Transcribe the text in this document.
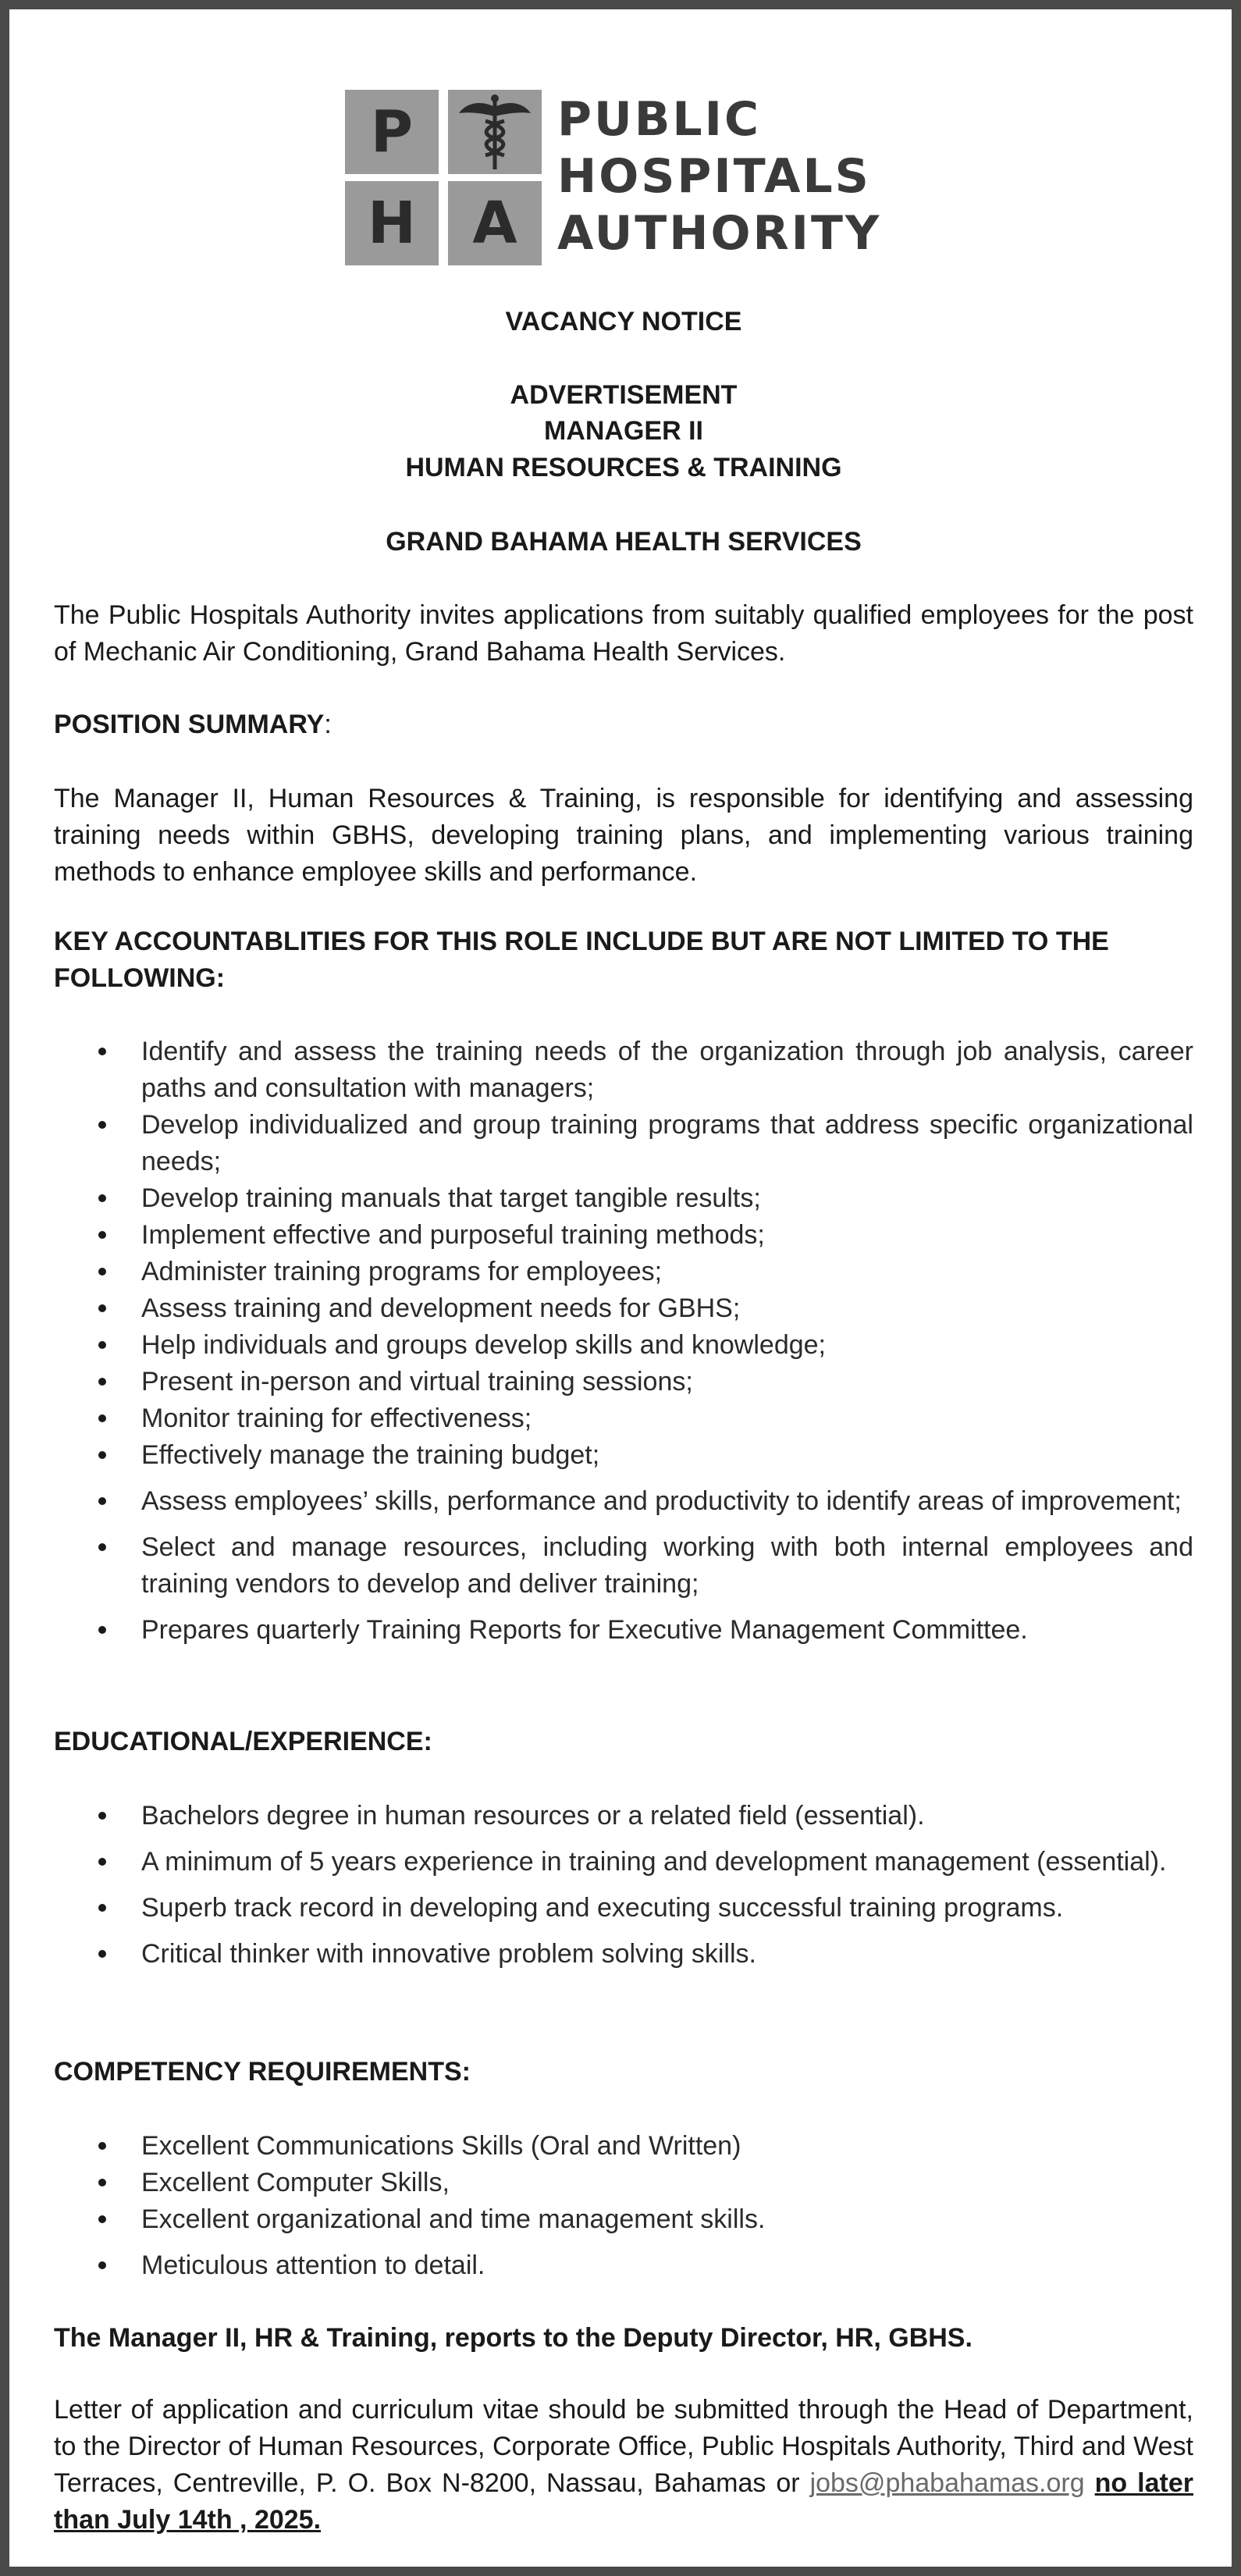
P
H A
PUBLIC
HOSPITALS
AUTHORITY
VACANCY NOTICE
ADVERTISEMENT
MANAGER II
HUMAN RESOURCES & TRAINING
GRAND BAHAMA HEALTH SERVICES
The Public Hospitals Authority invites applications from suitably qualified employees for the post of Mechanic Air Conditioning, Grand Bahama Health Services.
POSITION SUMMARY:
The Manager II, Human Resources & Training, is responsible for identifying and assessing training needs within GBHS, developing training plans, and implementing various training methods to enhance employee skills and performance.
KEY ACCOUNTABLITIES FOR THIS ROLE INCLUDE BUT ARE NOT LIMITED TO THE FOLLOWING:
Identify and assess the training needs of the organization through job analysis, career paths and consultation with managers;
Develop individualized and group training programs that address specific organizational needs;
Develop training manuals that target tangible results;
Implement effective and purposeful training methods;
Administer training programs for employees;
Assess training and development needs for GBHS;
Help individuals and groups develop skills and knowledge;
Present in-person and virtual training sessions;
Monitor training for effectiveness;
Effectively manage the training budget;
Assess employees’ skills, performance and productivity to identify areas of improvement;
Select and manage resources, including working with both internal employees and training vendors to develop and deliver training;
Prepares quarterly Training Reports for Executive Management Committee.
EDUCATIONAL/EXPERIENCE:
Bachelors degree in human resources or a related field (essential).
A minimum of 5 years experience in training and development management (essential).
Superb track record in developing and executing successful training programs.
Critical thinker with innovative problem solving skills.
COMPETENCY REQUIREMENTS:
Excellent Communications Skills (Oral and Written)
Excellent Computer Skills,
Excellent organizational and time management skills.
Meticulous attention to detail.
The Manager II, HR & Training, reports to the Deputy Director, HR, GBHS.
Letter of application and curriculum vitae should be submitted through the Head of Department, to the Director of Human Resources, Corporate Office, Public Hospitals Authority, Third and West Terraces, Centreville, P. O. Box N-8200, Nassau, Bahamas or jobs@phabahamas.org no later than July 14th , 2025.
